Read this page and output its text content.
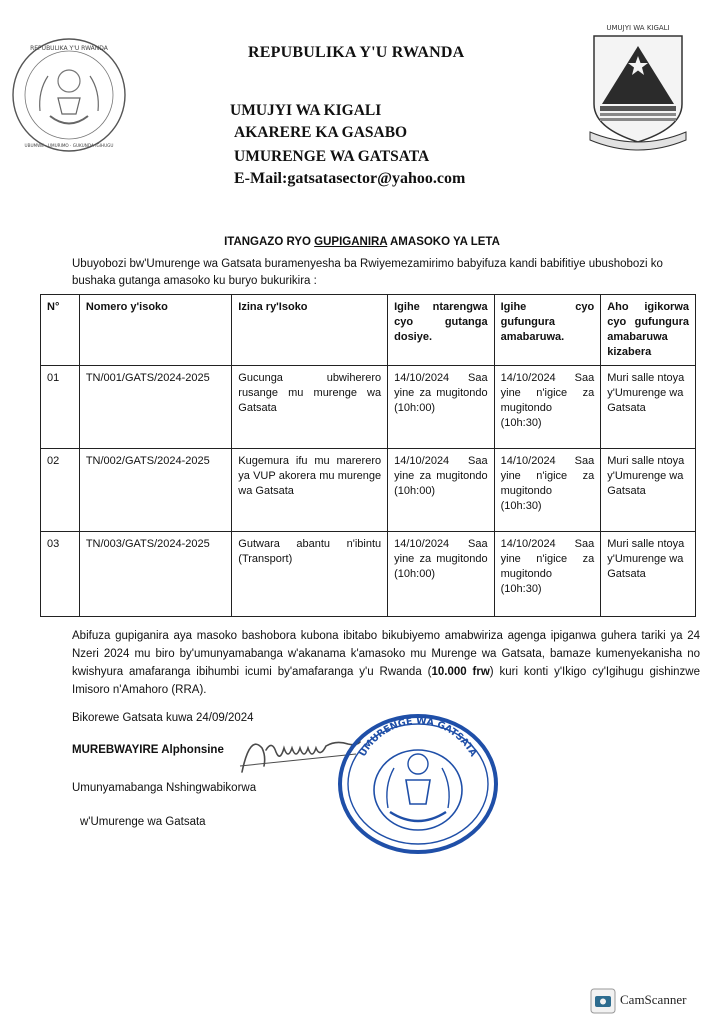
REPUBULIKA Y'U RWANDA
UBUMWE · UMURIMO · GUKUNDA IGIHUGU
UMUJYI WA KIGALI
REPUBULIKA Y'U RWANDA
UMUJYI WA KIGALI
AKARERE KA GASABO
UMURENGE WA GATSATA
E-Mail:gatsatasector@yahoo.com
ITANGAZO RYO GUPIGANIRA AMASOKO YA LETA
Ubuyobozi bw'Umurenge wa Gatsata buramenyesha ba Rwiyemezamirimo babyifuza kandi babifitiye ubushobozi ko bushaka gutanga amasoko ku buryo bukurikira :
N°	Nomero y'isoko	Izina ry'Isoko	Igihe ntarengwa cyo gutanga dosiye.	Igihe cyo gufungura amabaruwa.	Aho igikorwa cyo gufungura amabaruwa kizabera
01	TN/001/GATS/2024-2025	Gucunga ubwiherero rusange mu murenge wa Gatsata	14/10/2024 Saa yine za mugitondo (10h:00)	14/10/2024 Saa yine n'igice za mugitondo (10h:30)	Muri salle ntoya y'Umurenge wa Gatsata
02	TN/002/GATS/2024-2025	Kugemura ifu mu marerero ya VUP akorera mu murenge wa Gatsata	14/10/2024 Saa yine za mugitondo (10h:00)	14/10/2024 Saa yine n'igice za mugitondo (10h:30)	Muri salle ntoya y'Umurenge wa Gatsata
03	TN/003/GATS/2024-2025	Gutwara abantu n'ibintu (Transport)	14/10/2024 Saa yine za mugitondo (10h:00)	14/10/2024 Saa yine n'igice za mugitondo (10h:30)	Muri salle ntoya y'Umurenge wa Gatsata
Abifuza gupiganira aya masoko bashobora kubona ibitabo bikubiyemo amabwiriza agenga ipiganwa guhera tariki ya 24 Nzeri 2024 mu biro by'umunyamabanga w'akanama k'amasoko mu Murenge wa Gatsata, bamaze kumenyekanisha no kwishyura amafaranga ibihumbi icumi by'amafaranga y'u Rwanda (10.000 frw) kuri konti y'Ikigo cy'Igihugu gishinzwe Imisoro n'Amahoro (RRA).
Bikorewe Gatsata kuwa 24/09/2024
MUREBWAYIRE Alphonsine
Umunyamabanga Nshingwabikorwa
w'Umurenge wa Gatsata
UMURENGE WA GATSATA
CamScanner
